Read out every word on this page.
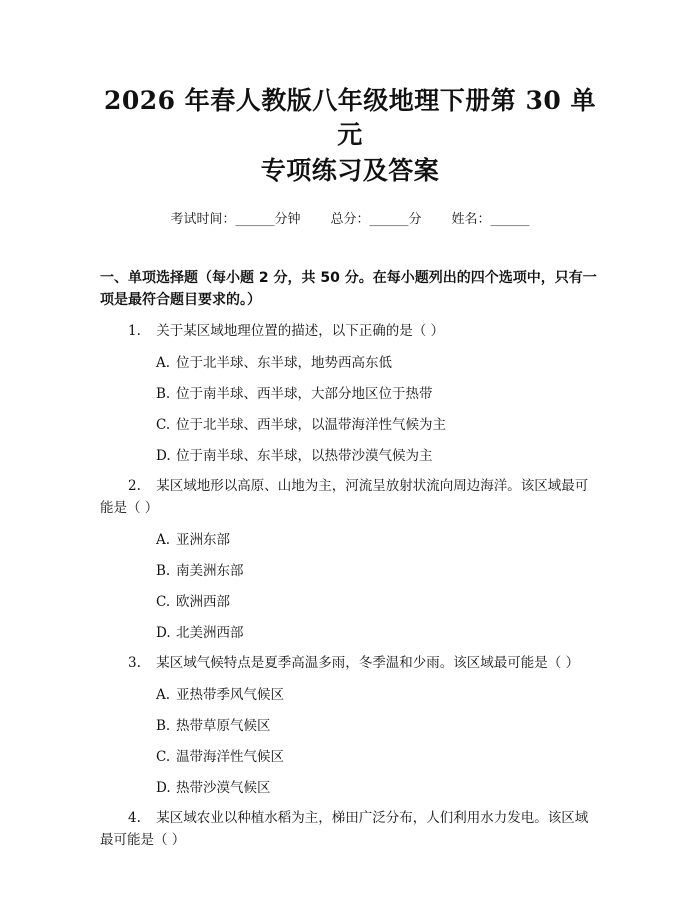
2026 年春人教版八年级地理下册第 30 单元
专项练习及答案
考试时间：______分钟 总分：______分 姓名：______
一、单项选择题（每小题 2 分，共 50 分。在每小题列出的四个选项中，只有一项是最符合题目要求的。）
1. 关于某区域地理位置的描述，以下正确的是（ ）
A. 位于北半球、东半球，地势西高东低
B. 位于南半球、西半球，大部分地区位于热带
C. 位于北半球、西半球，以温带海洋性气候为主
D. 位于南半球、东半球，以热带沙漠气候为主
2. 某区域地形以高原、山地为主，河流呈放射状流向周边海洋。该区域最可能是（ ）
A. 亚洲东部
B. 南美洲东部
C. 欧洲西部
D. 北美洲西部
3. 某区域气候特点是夏季高温多雨，冬季温和少雨。该区域最可能是（ ）
A. 亚热带季风气候区
B. 热带草原气候区
C. 温带海洋性气候区
D. 热带沙漠气候区
4. 某区域农业以种植水稻为主，梯田广泛分布，人们利用水力发电。该区域最可能是（ ）
